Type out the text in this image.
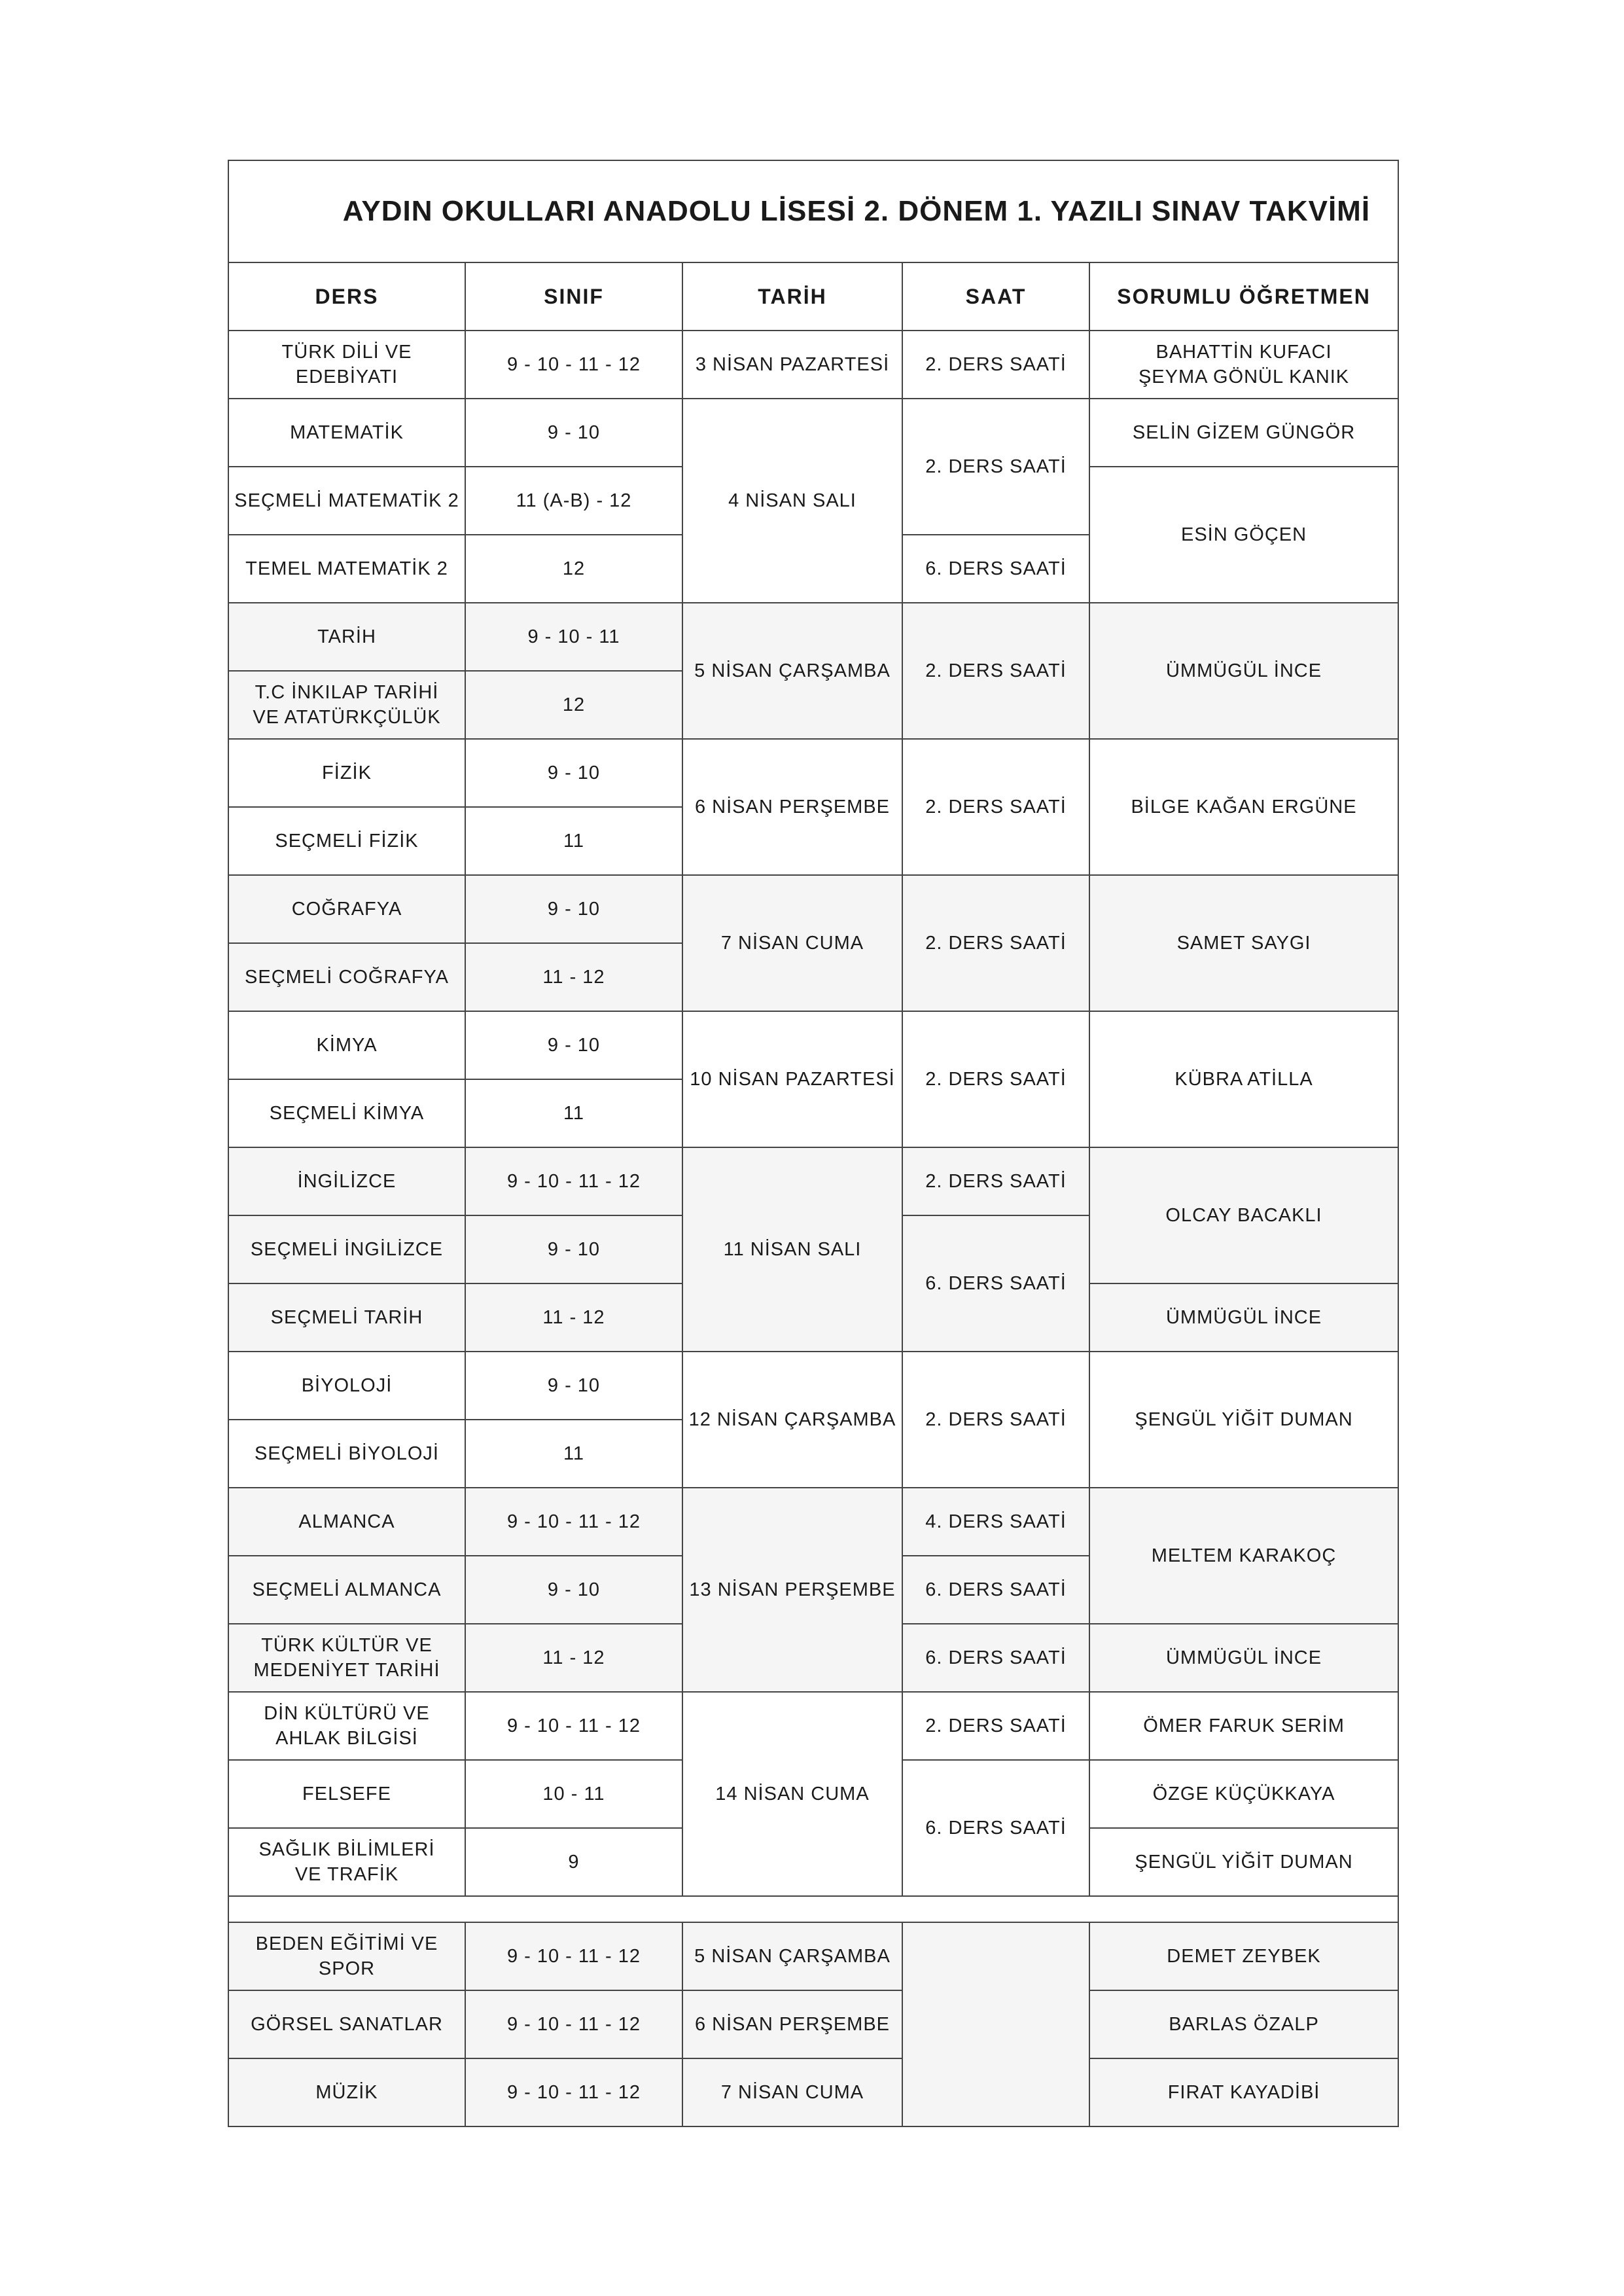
AYDIN OKULLARI ANADOLU LİSESİ 2. DÖNEM 1. YAZILI SINAV TAKVİMİ				
DERS	SINIF	TARİH	SAAT	SORUMLU ÖĞRETMEN

TÜRK DİLİ VE EDEBİYATI	9 - 10 - 11 - 12	3 NİSAN PAZARTESİ	2. DERS SAATİ	BAHATTİN KUFACI
ŞEYMA GÖNÜL KANIK

MATEMATİK	9 - 10	4 NİSAN SALI	2. DERS SAATİ	SELİN GİZEM GÜNGÖR

SEÇMELİ MATEMATİK 2	11 (A-B) - 12			ESİN GÖÇEN

TEMEL MATEMATİK 2	12		6. DERS SAATİ	

TARİH	9 - 10 - 11	5 NİSAN ÇARŞAMBA	2. DERS SAATİ	ÜMMÜGÜL İNCE

T.C İNKILAP TARİHİ
VE ATATÜRKÇÜLÜK	12			

FİZİK	9 - 10	6 NİSAN PERŞEMBE	2. DERS SAATİ	BİLGE KAĞAN ERGÜNE

SEÇMELİ FİZİK	11			

COĞRAFYA	9 - 10	7 NİSAN CUMA	2. DERS SAATİ	SAMET SAYGI

SEÇMELİ COĞRAFYA	11 - 12			

KİMYA	9 - 10	10 NİSAN PAZARTESİ	2. DERS SAATİ	KÜBRA ATİLLA

SEÇMELİ KİMYA	11			

İNGİLİZCE	9 - 10 - 11 - 12	11 NİSAN SALI	2. DERS SAATİ	OLCAY BACAKLI

SEÇMELİ İNGİLİZCE	9 - 10		6. DERS SAATİ	

SEÇMELİ TARİH	11 - 12			ÜMMÜGÜL İNCE

BİYOLOJİ	9 - 10	12 NİSAN ÇARŞAMBA	2. DERS SAATİ	ŞENGÜL YİĞİT DUMAN

SEÇMELİ BİYOLOJİ	11			

ALMANCA	9 - 10 - 11 - 12	13 NİSAN PERŞEMBE	4. DERS SAATİ	MELTEM KARAKOÇ

SEÇMELİ ALMANCA	9 - 10		6. DERS SAATİ	

TÜRK KÜLTÜR VE
MEDENİYET TARİHİ	11 - 12		6. DERS SAATİ	ÜMMÜGÜL İNCE

DİN KÜLTÜRÜ VE
AHLAK BİLGİSİ	9 - 10 - 11 - 12	14 NİSAN CUMA	2. DERS SAATİ	ÖMER FARUK SERİM

FELSEFE	10 - 11		6. DERS SAATİ	ÖZGE KÜÇÜKKAYA

SAĞLIK BİLİMLERİ
VE TRAFİK	9			ŞENGÜL YİĞİT DUMAN

BEDEN EĞİTİMİ VE SPOR	9 - 10 - 11 - 12	5 NİSAN ÇARŞAMBA		DEMET ZEYBEK

GÖRSEL SANATLAR	9 - 10 - 11 - 12	6 NİSAN PERŞEMBE		BARLAS ÖZALP

MÜZİK	9 - 10 - 11 - 12	7 NİSAN CUMA		FIRAT KAYADİBİ
